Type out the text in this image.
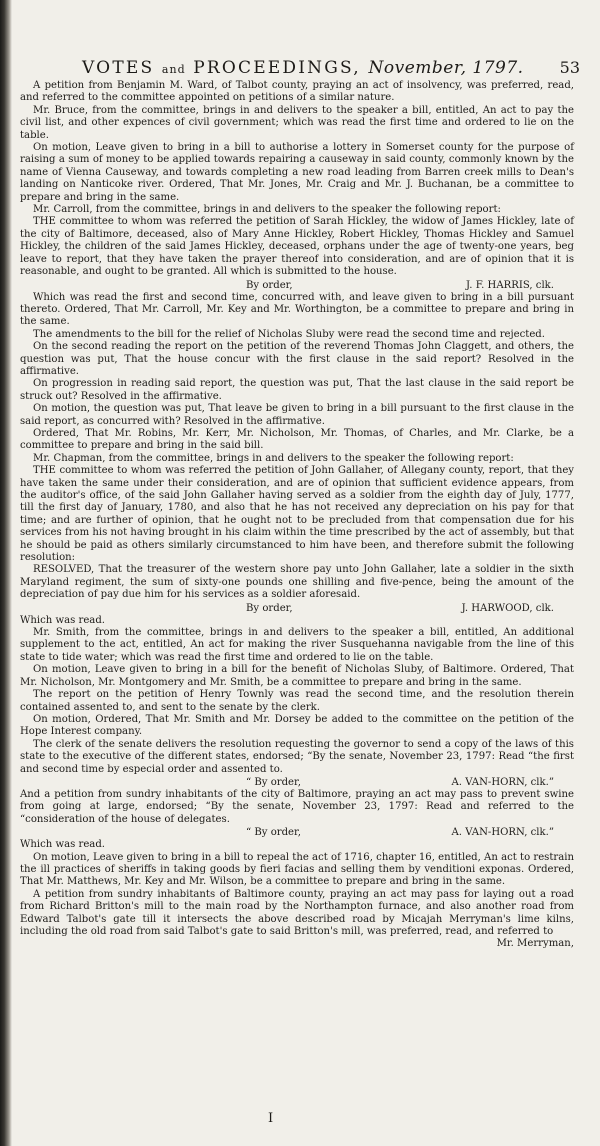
VOTES and PROCEEDINGS, November, 1797. 53

A petition from Benjamin M. Ward, of Talbot county, praying an act of insolvency, was preferred, read, and referred to the committee appointed on petitions of a similar nature.

Mr. Bruce, from the committee, brings in and delivers to the speaker a bill, entitled, An act to pay the civil list, and other expences of civil government; which was read the first time and ordered to lie on the table.

On motion, Leave given to bring in a bill to authorise a lottery in Somerset county for the purpose of raising a sum of money to be applied towards repairing a causeway in said county, commonly known by the name of Vienna Causeway, and towards completing a new road leading from Barren creek mills to Dean's landing on Nanticoke river. Ordered, That Mr. Jones, Mr. Craig and Mr. J. Buchanan, be a committee to prepare and bring in the same.

Mr. Carroll, from the committee, brings in and delivers to the speaker the following report:

THE committee to whom was referred the petition of Sarah Hickley, the widow of James Hickley, late of the city of Baltimore, deceased, also of Mary Anne Hickley, Robert Hickley, Thomas Hickley and Samuel Hickley, the children of the said James Hickley, deceased, orphans under the age of twenty-one years, beg leave to report, that they have taken the prayer thereof into consideration, and are of opinion that it is reasonable, and ought to be granted. All which is submitted to the house.

By order,	J. F. HARRIS, clk.

Which was read the first and second time, concurred with, and leave given to bring in a bill pursuant thereto. Ordered, That Mr. Carroll, Mr. Key and Mr. Worthington, be a committee to prepare and bring in the same.

The amendments to the bill for the relief of Nicholas Sluby were read the second time and rejected.

On the second reading the report on the petition of the reverend Thomas John Claggett, and others, the question was put, That the house concur with the first clause in the said report? Resolved in the affirmative.

On progression in reading said report, the question was put, That the last clause in the said report be struck out? Resolved in the affirmative.

On motion, the question was put, That leave be given to bring in a bill pursuant to the first clause in the said report, as concurred with? Resolved in the affirmative.

Ordered, That Mr. Robins, Mr. Kerr, Mr. Nicholson, Mr. Thomas, of Charles, and Mr. Clarke, be a committee to prepare and bring in the said bill.

Mr. Chapman, from the committee, brings in and delivers to the speaker the following report:

THE committee to whom was referred the petition of John Gallaher, of Allegany county, report, that they have taken the same under their consideration, and are of opinion that sufficient evidence appears, from the auditor's office, of the said John Gallaher having served as a soldier from the eighth day of July, 1777, till the first day of January, 1780, and also that he has not received any depreciation on his pay for that time; and are further of opinion, that he ought not to be precluded from that compensation due for his services from his not having brought in his claim within the time prescribed by the act of assembly, but that he should be paid as others similarly circumstanced to him have been, and therefore submit the following resolution:

RESOLVED, That the treasurer of the western shore pay unto John Gallaher, late a soldier in the sixth Maryland regiment, the sum of sixty-one pounds one shilling and five-pence, being the amount of the depreciation of pay due him for his services as a soldier aforesaid.

By order,	J. HARWOOD, clk.

Which was read.

Mr. Smith, from the committee, brings in and delivers to the speaker a bill, entitled, An additional supplement to the act, entitled, An act for making the river Susquehanna navigable from the line of this state to tide water; which was read the first time and ordered to lie on the table.

On motion, Leave given to bring in a bill for the benefit of Nicholas Sluby, of Baltimore. Ordered, That Mr. Nicholson, Mr. Montgomery and Mr. Smith, be a committee to prepare and bring in the same.

The report on the petition of Henry Townly was read the second time, and the resolution therein contained assented to, and sent to the senate by the clerk.

On motion, Ordered, That Mr. Smith and Mr. Dorsey be added to the committee on the petition of the Hope Interest company.

The clerk of the senate delivers the resolution requesting the governor to send a copy of the laws of this state to the executive of the different states, endorsed; “By the senate, November 23, 1797: Read “the first and second time by especial order and assented to.

“ By order,	A. VAN-HORN, clk.”

And a petition from sundry inhabitants of the city of Baltimore, praying an act may pass to prevent swine from going at large, endorsed; “By the senate, November 23, 1797: Read and referred to the “consideration of the house of delegates.

“ By order,	A. VAN-HORN, clk.”

Which was read.

On motion, Leave given to bring in a bill to repeal the act of 1716, chapter 16, entitled, An act to restrain the ill practices of sheriffs in taking goods by fieri facias and selling them by venditioni exponas. Ordered, That Mr. Matthews, Mr. Key and Mr. Wilson, be a committee to prepare and bring in the same.

A petition from sundry inhabitants of Baltimore county, praying an act may pass for laying out a road from Richard Britton's mill to the main road by the Northampton furnace, and also another road from Edward Talbot's gate till it intersects the above described road by Micajah Merryman's lime kilns, including the old road from said Talbot's gate to said Britton's mill, was preferred, read, and referred to

Mr. Merryman,
I
